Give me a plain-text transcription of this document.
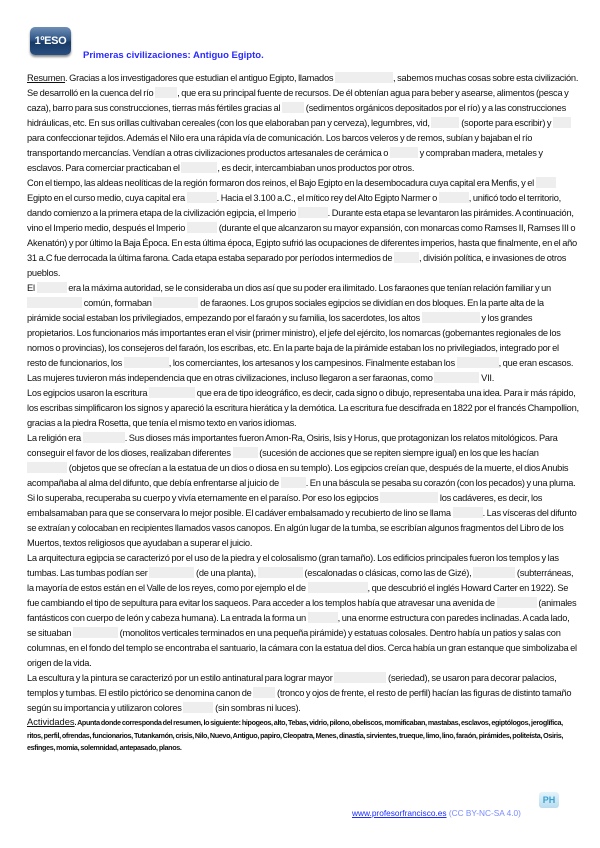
1ºESO
Primeras civilizaciones: Antiguo Egipto.

Resumen. Gracias a los investigadores que estudian el antiguo Egipto, llamados	, sabemos muchas cosas sobre esta civilización. Se desarrolló en la cuenca del río , que era su principal fuente de recursos. De él obtenían agua para beber y asearse, alimentos (pesca y caza), barro para sus construcciones, tierras más fértiles gracias al  (sedimentos orgánicos depositados por el río) y a las construcciones hidráulicas, etc. En sus orillas cultivaban cereales (con los que elaboraban pan y cerveza), legumbres, vid,	(soporte para escribir) y  para confeccionar tejidos. Además el Nilo era una rápida vía de comunicación. Los barcos veleros y de remos, subían y bajaban el río transportando mercancías. Vendían a otras civilizaciones productos artesanales de cerámica o	y compraban madera, metales y esclavos. Para comerciar practicaban el	, es decir, intercambiaban unos productos por otros.

Con el tiempo, las aldeas neolíticas de la región formaron dos reinos, el Bajo Egipto en la desembocadura cuya capital era Menfis, y el  Egipto en el curso medio, cuya capital era	. Hacia el 3.100 a.C., el mítico rey del Alto Egipto Narmer o	, unificó todo el territorio, dando comienzo a la primera etapa de la civilización egipcia, el Imperio	. Durante esta etapa se levantaron las pirámides. A continuación, vino el Imperio medio, después el Imperio	(durante el que alcanzaron su mayor expansión, con monarcas como Ramses II, Ramses III o Akenatón) y por último la Baja Época. En esta última época, Egipto sufrió las ocupaciones de diferentes imperios, hasta que finalmente, en el año 31 a.C fue derrocada la última farona. Cada etapa estaba separado por períodos intermedios de	, división política, e invasiones de otros pueblos.

El	era la máxima autoridad, se le consideraba un dios así que su poder era ilimitado. Los faraones que tenían relación familiar y un  común, formaban	de faraones. Los grupos sociales egipcios se dividían en dos bloques. En la parte alta de la pirámide social estaban los privilegiados, empezando por el faraón y su familia, los sacerdotes, los altos	y los grandes propietarios. Los funcionarios más importantes eran el visir (primer ministro), el jefe del ejército, los nomarcas (gobernantes regionales de los nomos o provincias), los consejeros del faraón, los escribas, etc. En la parte baja de la pirámide estaban los no privilegiados, integrado por el resto de funcionarios, los	, los comerciantes, los artesanos y los campesinos. Finalmente estaban los	, que eran escasos. Las mujeres tuvieron más independencia que en otras civilizaciones, incluso llegaron a ser faraonas, como	VII.

Los egipcios usaron la escritura	que era de tipo ideográfico, es decir, cada signo o dibujo, representaba una idea. Para ir más rápido, los escribas simplificaron los signos y apareció la escritura hierática y la demótica. La escritura fue descifrada en 1822 por el francés Champollion, gracias a la piedra Rosetta, que tenía el mismo texto en varios idiomas.

La religión era	. Sus dioses más importantes fueron Amon-Ra, Osiris, Isis y Horus, que protagonizan los relatos mitológicos. Para conseguir el favor de los dioses, realizaban diferentes	(sucesión de acciones que se repiten siempre igual) en los que les hacían  (objetos que se ofrecían a la estatua de un dios o diosa en su templo). Los egipcios creían que, después de la muerte, el dios Anubis acompañaba al alma del difunto, que debía enfrentarse al juicio de	. En una báscula se pesaba su corazón (con los pecados) y una pluma. Si lo superaba, recuperaba su cuerpo y vivía eternamente en el paraíso. Por eso los egipcios	los cadáveres, es decir, los embalsamaban para que se conservara lo mejor posible. El cadáver embalsamado y recubierto de lino se llama	. Las vísceras del difunto se extraían y colocaban en recipientes llamados vasos canopos. En algún lugar de la tumba, se escribían algunos fragmentos del Libro de los Muertos, textos religiosos que ayudaban a superar el juicio.

La arquitectura egipcia se caracterizó por el uso de la piedra y el colosalismo (gran tamaño). Los edificios principales fueron los templos y las tumbas. Las tumbas podían ser	(de una planta),	(escalonadas o clásicas, como las de Gizé),	(subterráneas, la mayoría de estos están en el Valle de los reyes, como por ejemplo el de	, que descubrió el inglés Howard Carter en 1922). Se fue cambiando el tipo de sepultura para evitar los saqueos. Para acceder a los templos había que atravesar una avenida de	(animales fantásticos con cuerpo de león y cabeza humana). La entrada la forma un	, una enorme estructura con paredes inclinadas. A cada lado, se situaban	(monolitos verticales terminados en una pequeña pirámide) y estatuas colosales. Dentro había un patios y salas con columnas, en el fondo del templo se encontraba el santuario, la cámara con la estatua del dios. Cerca había un gran estanque que simbolizaba el origen de la vida.

La escultura y la pintura se caracterizó por un estilo antinatural para lograr mayor	(seriedad), se usaron para decorar palacios, templos y tumbas. El estilo pictórico se denomina canon de  (tronco y ojos de frente, el resto de perfil) hacían las figuras de distinto tamaño según su importancia y utilizaron colores	(sin sombras ni luces).

Actividades. Apunta donde corresponda del resumen, lo siguiente: hipogeos, alto, Tebas, vidrio, pilono, obeliscos, momificaban, mastabas, esclavos, egiptólogos, jeroglífica, ritos, perfil, ofrendas, funcionarios, Tutankamón, crisis, Nilo, Nuevo, Antiguo, papiro, Cleopatra, Menes, dinastía, sirvientes, trueque, limo, lino, faraón, pirámides, politeísta, Osiris, esfinges, momia, solemnidad, antepasado, planos.

PH
www.profesorfrancisco.es (CC BY-NC-SA 4.0)
